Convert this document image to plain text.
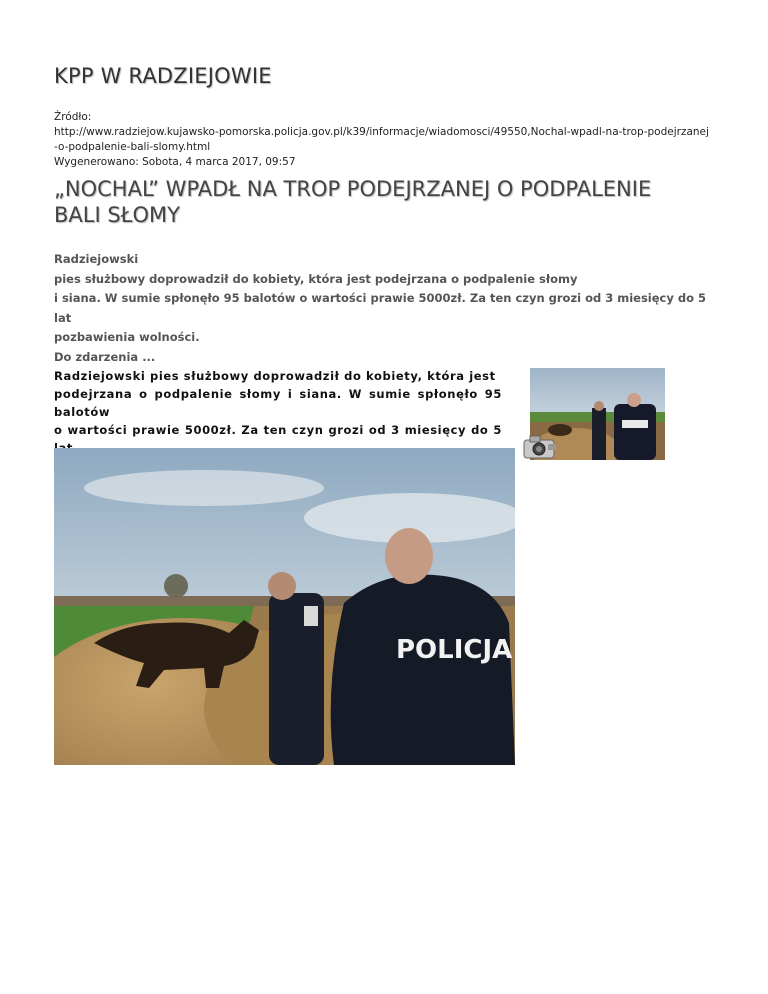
KPP W RADZIEJOWIE
Źródło:
http://www.radziejow.kujawsko-pomorska.policja.gov.pl/k39/informacje/wiadomosci/49550,Nochal-wpadl-na-trop-podejrzanej
-o-podpalenie-bali-slomy.html
Wygenerowano: Sobota, 4 marca 2017, 09:57
„NOCHAL” WPADŁ NA TROP PODEJRZANEJ O PODPALENIE BALI SŁOMY
Radziejowski
pies służbowy doprowadził do kobiety, która jest podejrzana o podpalenie słomy
i siana. W sumie spłonęło 95 balotów o wartości prawie 5000zł. Za ten czyn grozi od 3 miesięcy do 5
lat
pozbawienia wolności.
Do zdarzenia ...
Radziejowski pies służbowy doprowadził do kobiety, która jest
podejrzana o podpalenie słomy i siana. W sumie spłonęło 95 balotów
o wartości prawie 5000zł. Za ten czyn grozi od 3 miesięcy do 5
POLICJA
